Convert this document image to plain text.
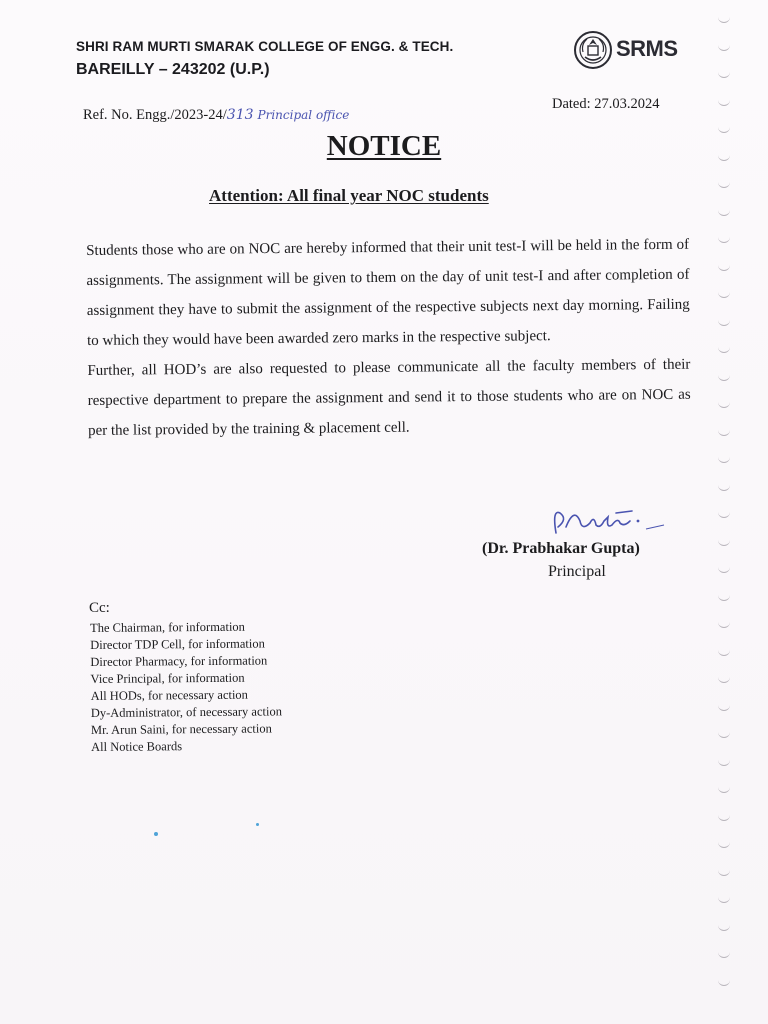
SHRI RAM MURTI SMARAK COLLEGE OF ENGG. & TECH.
BAREILLY – 243202 (U.P.)
SRMS
Ref. No. Engg./2023-24/313 Principal office
Dated: 27.03.2024
NOTICE
Attention: All final year NOC students

Students those who are on NOC are hereby informed that their unit test-I will be held in the form of assignments. The assignment will be given to them on the day of unit test-I and after completion of assignment they have to submit the assignment of the respective subjects next day morning. Failing to which they would have been awarded zero marks in the respective subject.

Further, all HOD’s are also requested to please communicate all the faculty members of their respective department to prepare the assignment and send it to those students who are on NOC as per the list provided by the training & placement cell.

(Dr. Prabhakar Gupta)
Principal
Cc:
The Chairman, for information
Director TDP Cell, for information
Director Pharmacy, for information
Vice Principal, for information
All HODs, for necessary action
Dy-Administrator, of necessary action
Mr. Arun Saini, for necessary action
All Notice Boards
